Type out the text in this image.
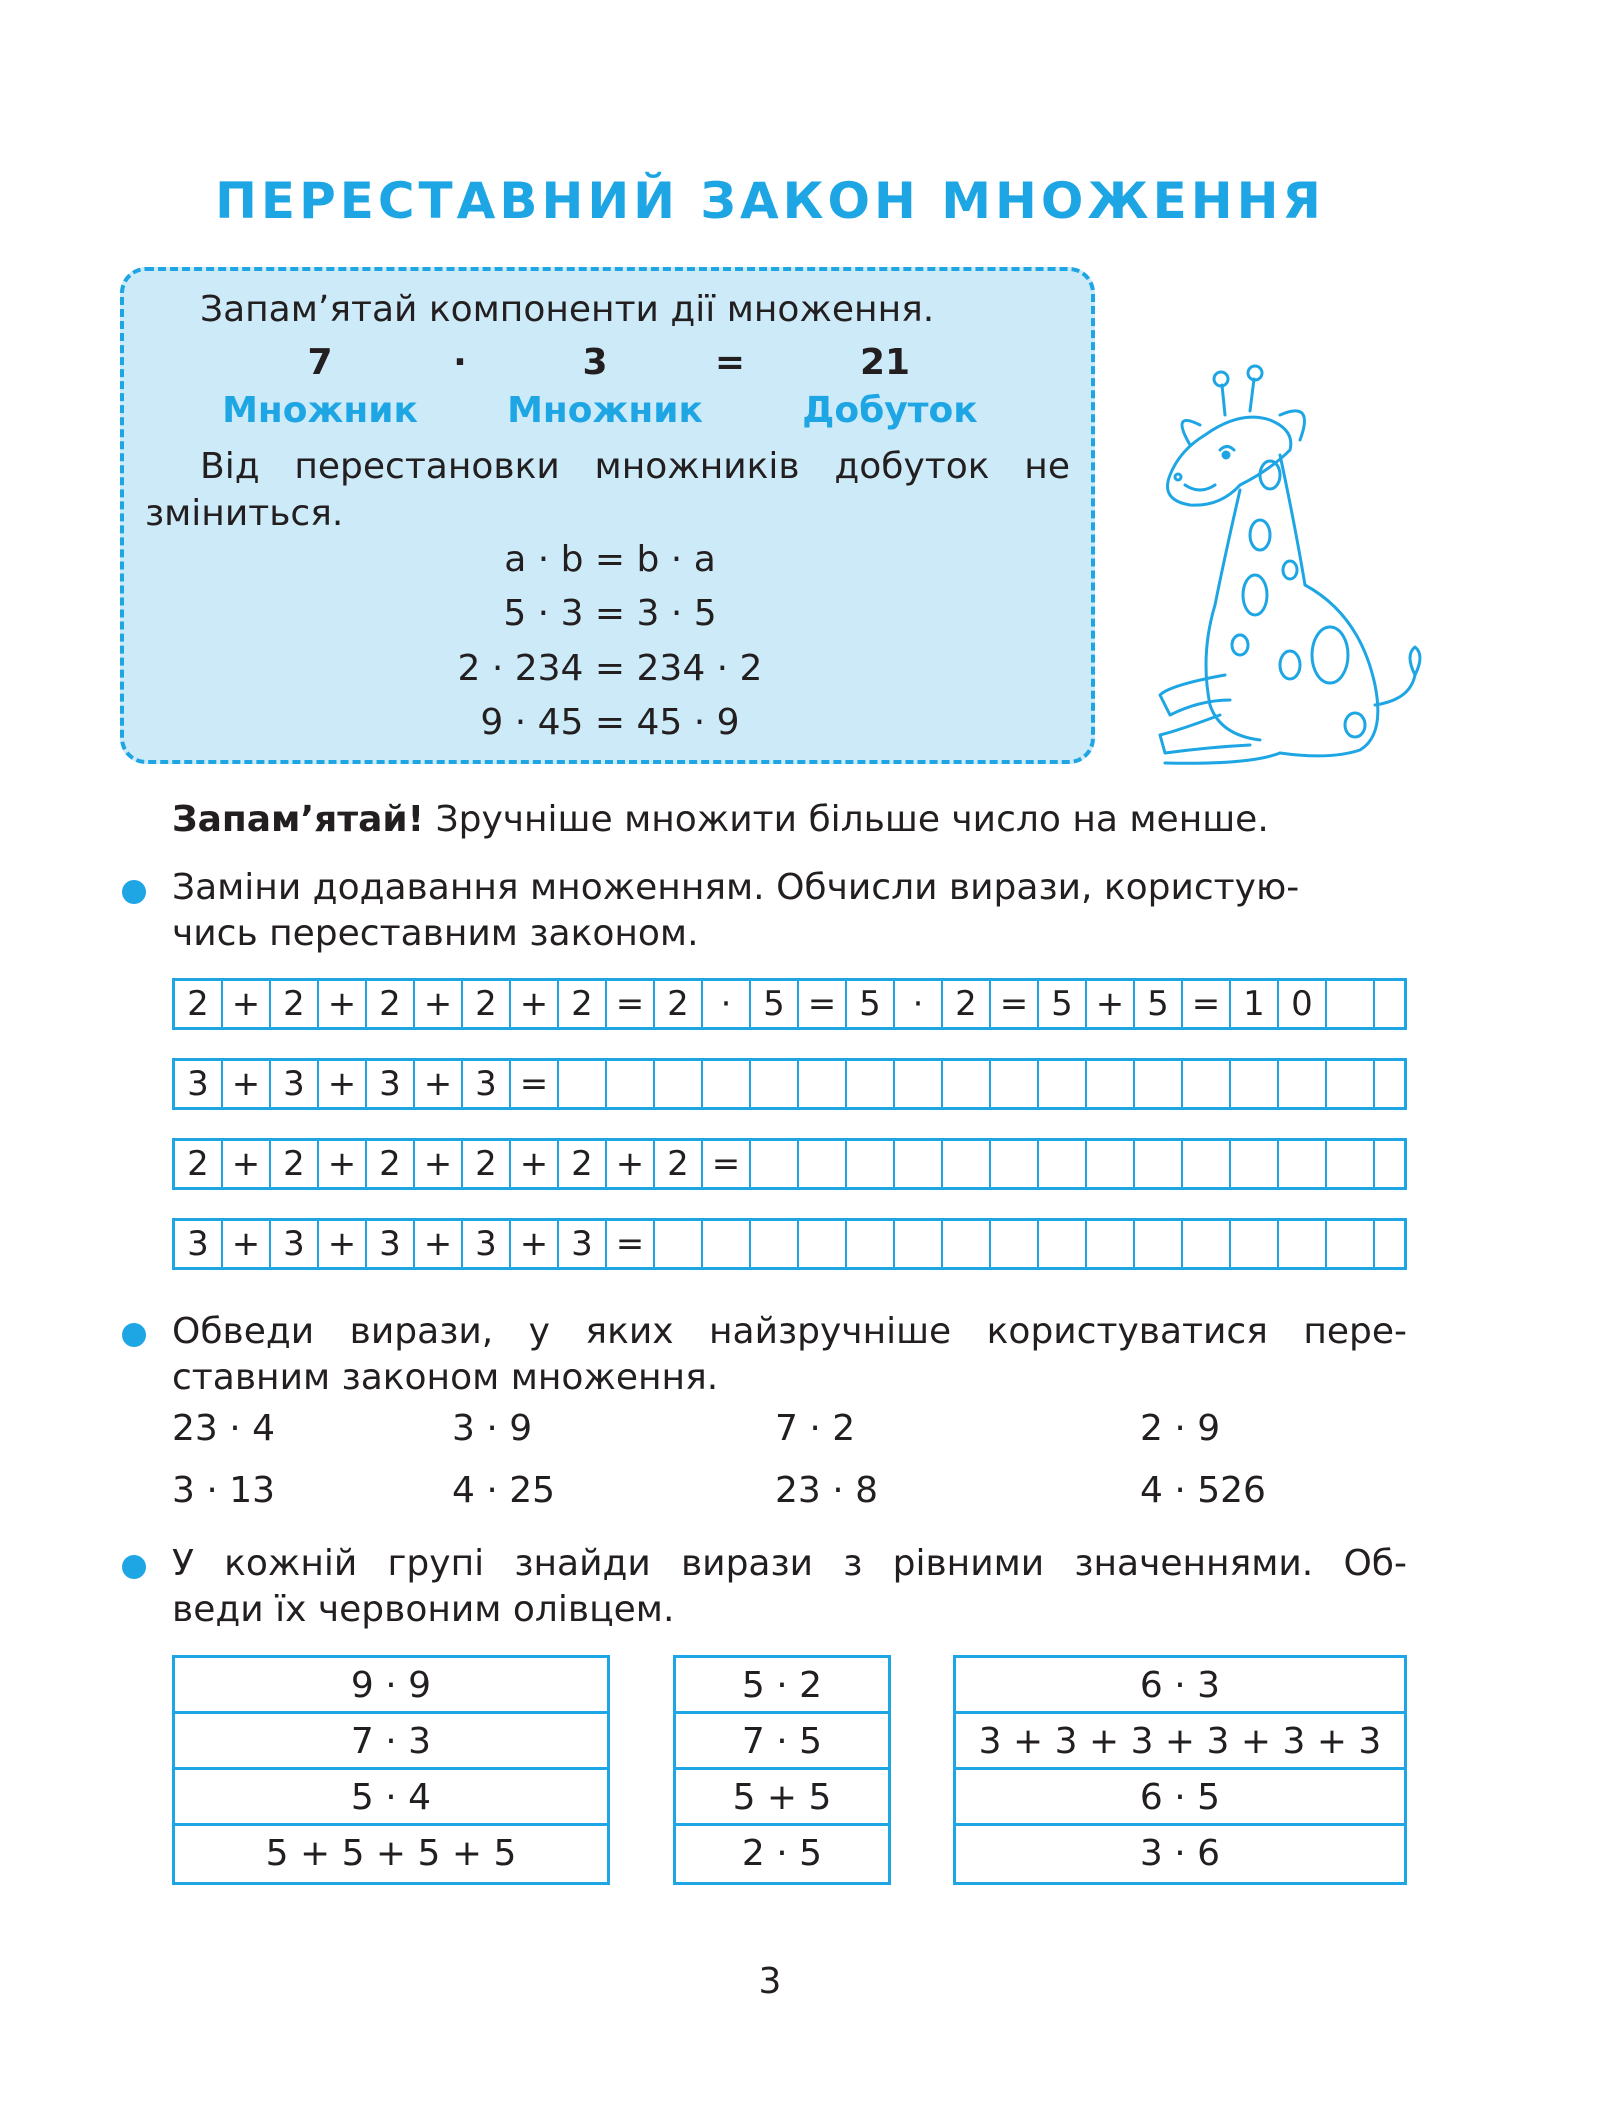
ПЕРЕСТАВНИЙ ЗАКОН МНОЖЕННЯ
Запам’ятай компоненти дії множення.
7	·	3	=	21
Множник	Множник	Добуток
Від перестановки множників добуток не
зміниться.
a · b = b · a
5 · 3 = 3 · 5
2 · 234 = 234 · 2
9 · 45 = 45 · 9
Запам’ятай! Зручніше множити більше число на менше.
Заміни додавання множенням. Обчисли вирази, користую-
чись переставним законом.
2 + 2 + 2 + 2 + 2 = 2 · 5 = 5 · 2 = 5 + 5 = 1 0
3 + 3 + 3 + 3 =
2 + 2 + 2 + 2 + 2 + 2 =
3 + 3 + 3 + 3 + 3 =
Обведи вирази, у яких найзручніше користуватися пере-
ставним законом множення.
23 · 4	3 · 9	7 · 2	2 · 9
3 · 13	4 · 25	23 · 8	4 · 526
У кожній групі знайди вирази з рівними значеннями. Об-
веди їх червоним олівцем.
9 · 9
7 · 3
5 · 4
5 + 5 + 5 + 5
5 · 2
7 · 5
5 + 5
2 · 5
6 · 3
3 + 3 + 3 + 3 + 3 + 3
6 · 5
3 · 6
3
